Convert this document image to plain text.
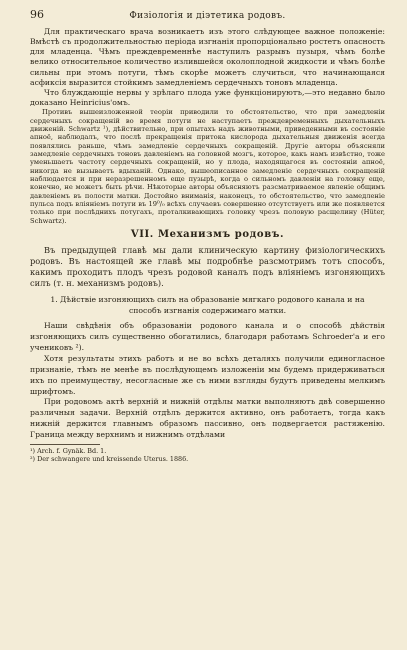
96	Физiологія и діэтетика родовъ.

Для практическаго врача возникаетъ изъ этого слѣдующее важное положеніе: Вмѣстѣ съ продолжительностью періода изгнанія пропорціонально ростетъ опасность для младенца. Чѣмъ преждевременнѣе наступилъ разрывъ пузыря, чѣмъ болѣе велико относительное количество излившейся околоплодной жидкости и чѣмъ болѣе сильны при этомъ потуги, тѣмъ скорѣе можетъ случиться, что начинающаяся асфиксія выразится стойкимъ замедленіемъ сердечныхъ тоновъ младенца.

Что блуждающіе нервы у зрѣлаго плода уже функціонируютъ,—это недавно было доказано Heinricius'омъ.

Противъ вышеизложенной теоріи приводили то обстоятельство, что при замедленіи сердечныхъ сокращеній во время потуги не наступаетъ преждевременныхъ дыхательныхъ движеній. Schwartz ¹), дѣйствительно, при опытахъ надъ животными, приведенными въ состояніе апноё, наблюдалъ, что послѣ прекращенія притока кислорода дыхательныя движенія всегда появлялись раньше, чѣмъ замедленіе сердечныхъ сокращеній. Другіе авторы объясняли замедленіе сердечныхъ тоновъ давленіемъ на головной мозгъ, которое, какъ намъ извѣстно, тоже уменьшаетъ частоту сердечныхъ сокращеній, но у плода, находящагося въ состояніи апноё, никогда не вызываетъ вдыханій. Однако, вышеописанное замедленіе сердечныхъ сокращеній наблюдается и при неразрешенномъ еще пузырѣ, когда о сильномъ давленіи на головку еще, конечно, не можетъ быть рѣчи. Нѣкоторые авторы объясняютъ разсматриваемое явленіе общимъ давленіемъ въ полости матки. Достойно вниманія, наконецъ, то обстоятельство, что замедленіе пульса подъ вліяніемъ потуги въ 19⁰/₀ всѣхъ случаевъ совершенно отсутствуетъ или же появляется только при послѣднихъ потугахъ, проталкивающихъ головку чрезъ половую расщелину (Hüter, Schwartz).

VII. Механизмъ родовъ.

Въ предыдущей главѣ мы дали клиническую картину физіологическихъ родовъ. Въ настоящей же главѣ мы подробнѣе разсмотримъ тотъ способъ, какимъ проходитъ плодъ чрезъ родовой каналъ подъ вліяніемъ изгоняющихъ силъ (т. н. механизмъ родовъ).

1. Дѣйствіе изгоняющихъ силъ на образованіе мягкаго родового канала и на способъ изгнанія содержимаго матки.

Наши свѣдѣнія объ образованіи родового канала и о способѣ дѣйствія изгоняющихъ силъ существенно обогатились, благодаря работамъ Schroeder'а и его учениковъ ²).

Хотя результаты этихъ работъ и не во всѣхъ деталяхъ получили единогласное признаніе, тѣмъ не менѣе въ послѣдующемъ изложеніи мы будемъ придерживаться ихъ по преимуществу, несогласные же съ ними взгляды будутъ приведены мелкимъ шрифтомъ.

При родовомъ актѣ верхній и нижній отдѣлы матки выполняютъ двѣ совершенно различныя задачи. Верхній отдѣлъ держится активно, онъ работаетъ, тогда какъ нижній держится главнымъ образомъ пассивно, онъ подвергается растяженію. Граница между верхнимъ и нижнимъ отдѣлами

¹) Arch. f. Gynäk. Bd. 1.
²) Der schwangere und kreissende Uterus. 1886.
